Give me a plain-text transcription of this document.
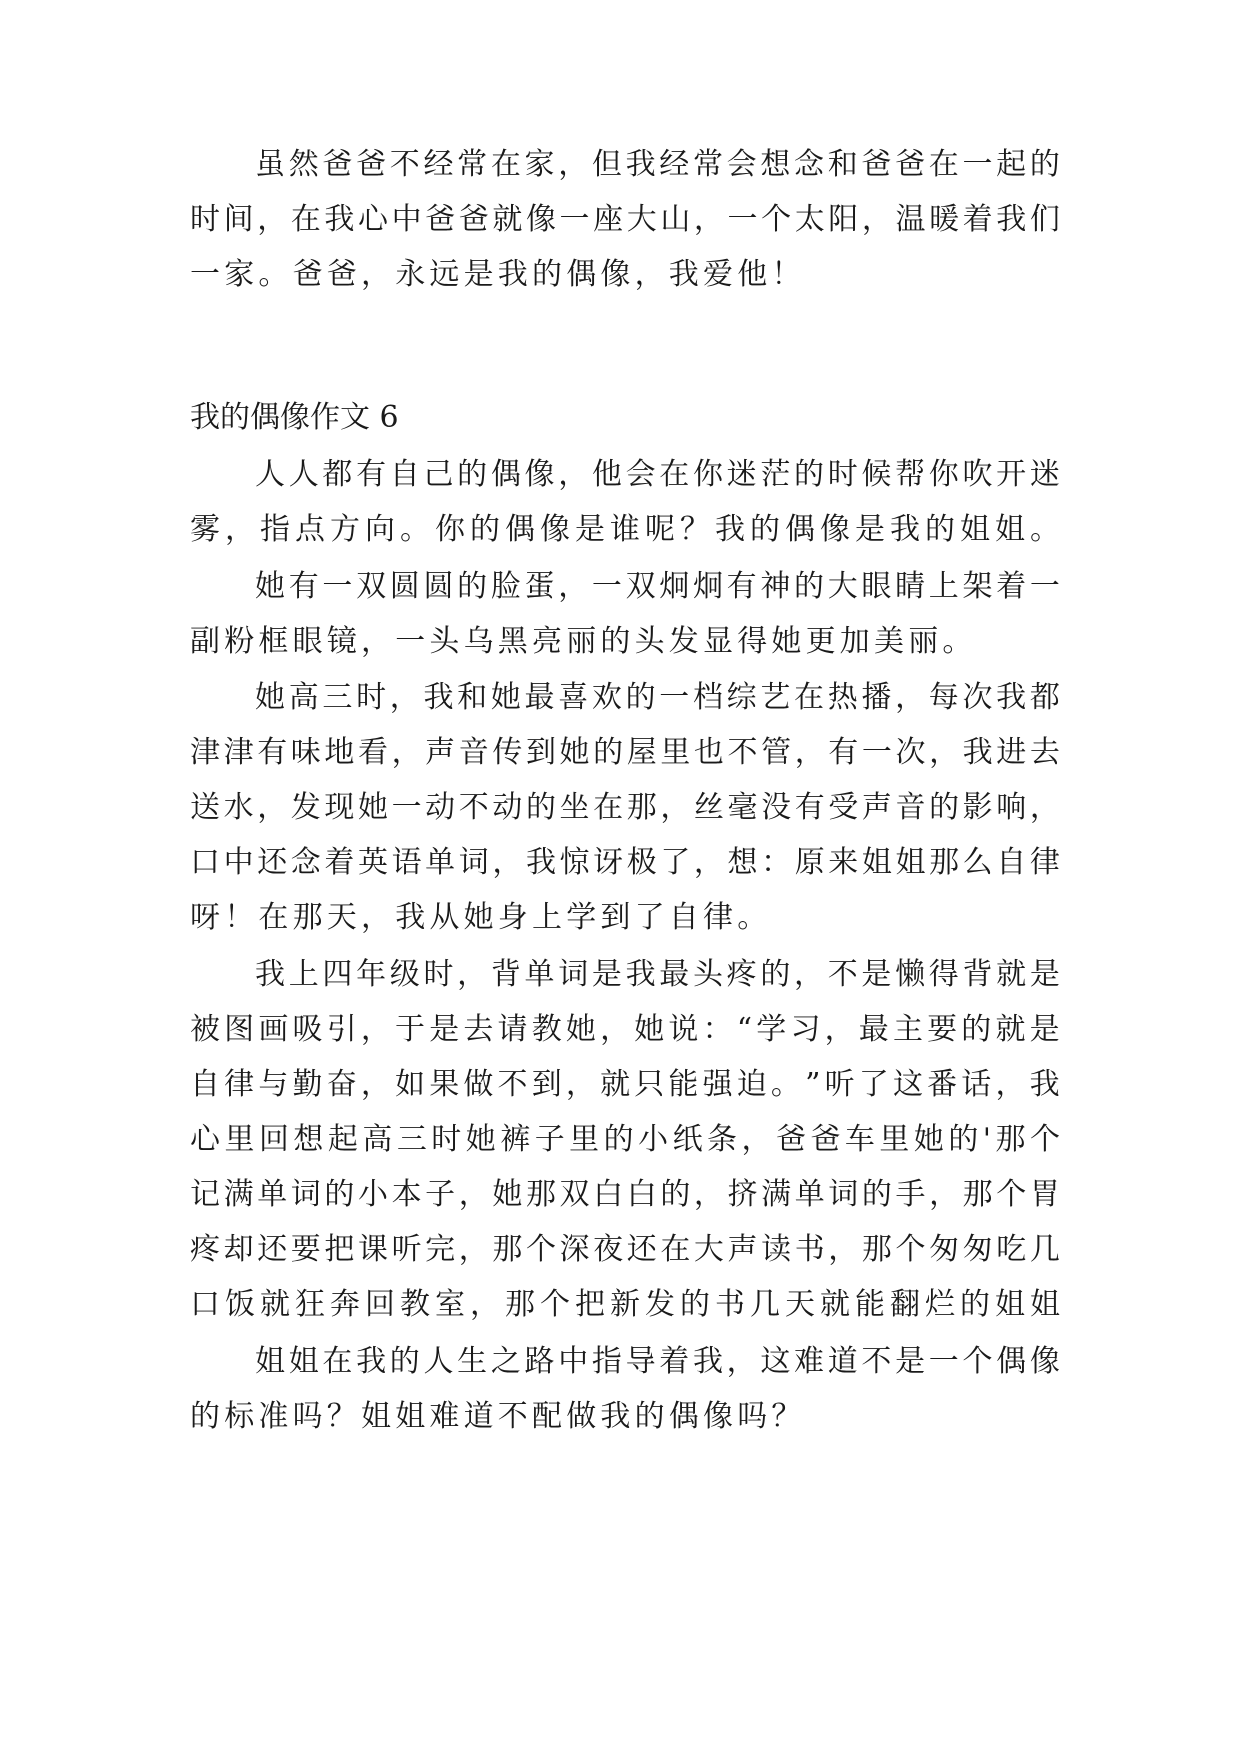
虽 然 爸 爸 不 经 常 在 家 ， 但 我 经 常 会 想 念 和 爸 爸 在 一 起 的
时 间 ， 在 我 心 中 爸 爸 就 像 一 座 大 山 ， 一 个 太 阳 ， 温 暖 着 我 们
一家。爸爸，永远是我的偶像，我爱他！
我的偶像作文 6
人 人 都 有 自 己 的 偶 像 ， 他 会 在 你 迷 茫 的 时 候 帮 你 吹 开 迷
雾 ， 指 点 方 向 。 你 的 偶 像 是 谁 呢 ？ 我 的 偶 像 是 我 的 姐 姐 。
她 有 一 双 圆 圆 的 脸 蛋 ， 一 双 炯 炯 有 神 的 大 眼 睛 上 架 着 一
副粉框眼镜，一头乌黑亮丽的头发显得她更加美丽。
她 高 三 时 ， 我 和 她 最 喜 欢 的 一 档 综 艺 在 热 播 ， 每 次 我 都
津 津 有 味 地 看 ， 声 音 传 到 她 的 屋 里 也 不 管 ， 有 一 次 ， 我 进 去
送 水 ， 发 现 她 一 动 不 动 的 坐 在 那 ， 丝 毫 没 有 受 声 音 的 影 响 ，
口 中 还 念 着 英 语 单 词 ， 我 惊 讶 极 了 ， 想 ： 原 来 姐 姐 那 么 自 律
呀！在那天，我从她身上学到了自律。
我 上 四 年 级 时 ， 背 单 词 是 我 最 头 疼 的 ， 不 是 懒 得 背 就 是
被 图 画 吸 引 ， 于 是 去 请 教 她 ， 她 说 ： “ 学 习 ， 最 主 要 的 就 是
自 律 与 勤 奋 ， 如 果 做 不 到 ， 就 只 能 强 迫 。 ” 听 了 这 番 话 ， 我
心 里 回 想 起 高 三 时 她 裤 子 里 的 小 纸 条 ， 爸 爸 车 里 她 的 ' 那 个
记 满 单 词 的 小 本 子 ， 她 那 双 白 白 的 ， 挤 满 单 词 的 手 ， 那 个 胃
疼 却 还 要 把 课 听 完 ， 那 个 深 夜 还 在 大 声 读 书 ， 那 个 匆 匆 吃 几
口 饭 就 狂 奔 回 教 室 ， 那 个 把 新 发 的 书 几 天 就 能 翻 烂 的 姐 姐
姐 姐 在 我 的 人 生 之 路 中 指 导 着 我 ， 这 难 道 不 是 一 个 偶 像
的标准吗？姐姐难道不配做我的偶像吗？
